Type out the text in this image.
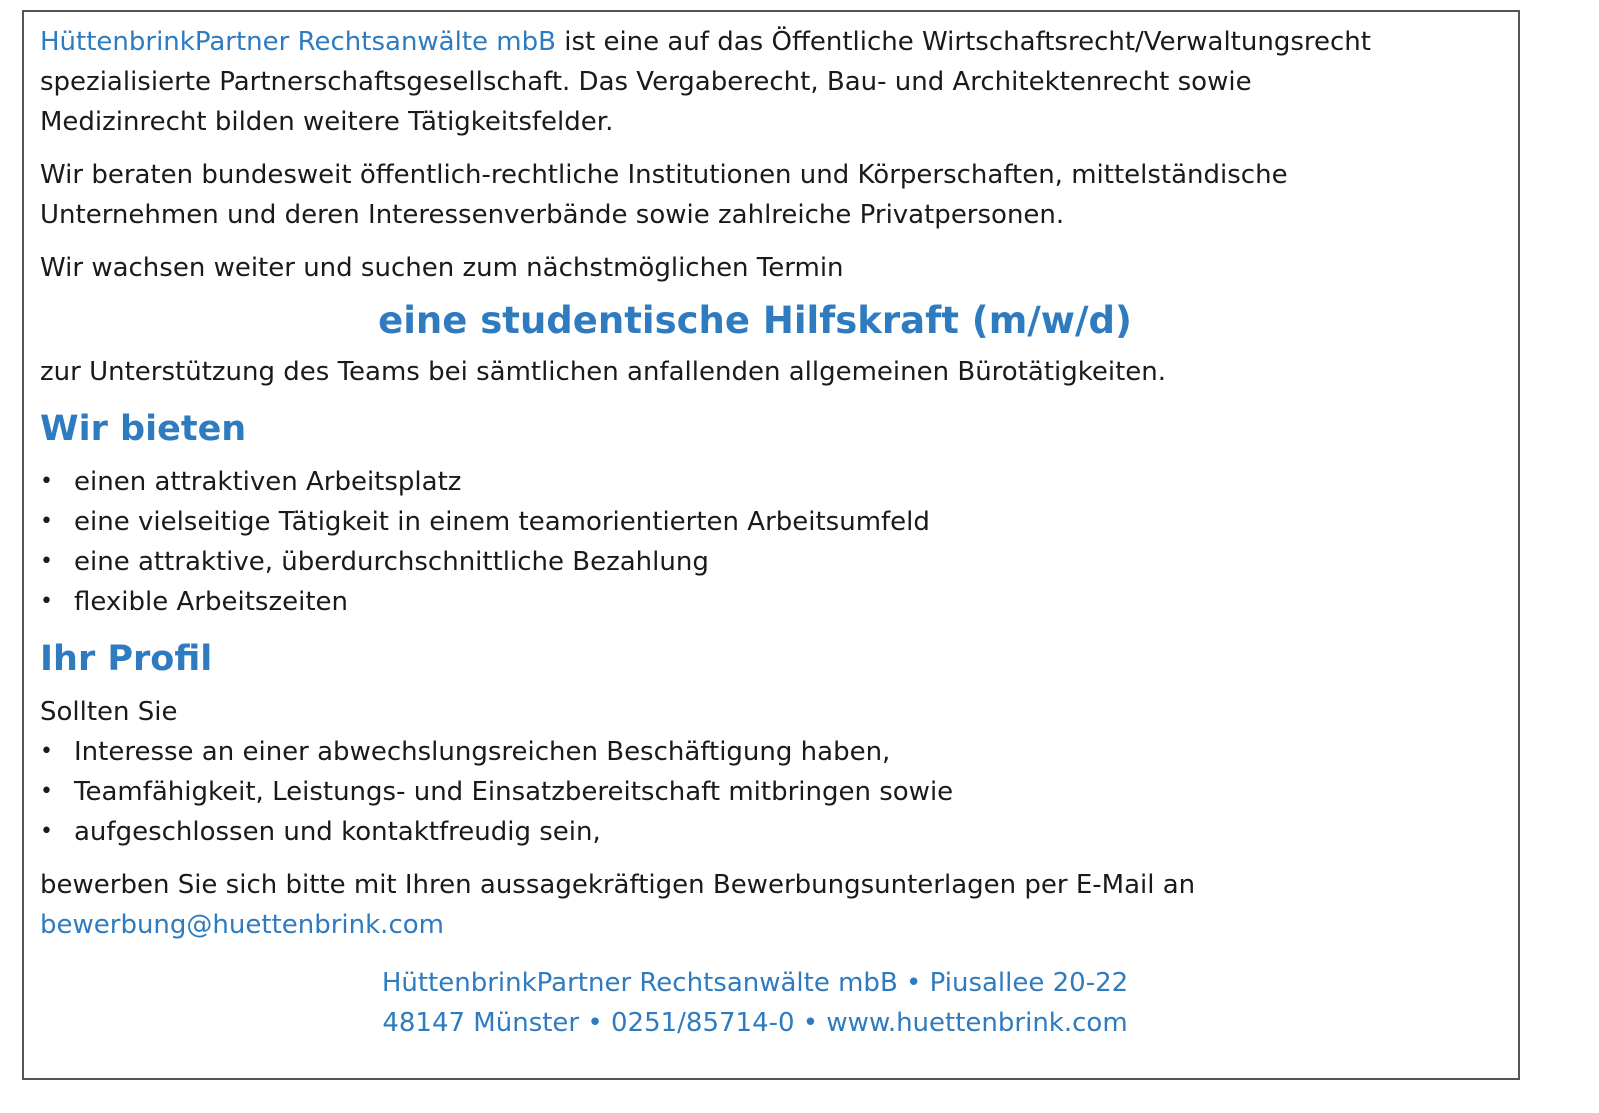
HüttenbrinkPartner Rechtsanwälte mbB ist eine auf das Öffentliche Wirtschaftsrecht/Verwaltungsrecht
spezialisierte Partnerschaftsgesellschaft. Das Vergaberecht, Bau- und Architektenrecht sowie
Medizinrecht bilden weitere Tätigkeitsfelder.

Wir beraten bundesweit öffentlich-rechtliche Institutionen und Körperschaften, mittelständische
Unternehmen und deren Interessenverbände sowie zahlreiche Privatpersonen.

Wir wachsen weiter und suchen zum nächstmöglichen Termin

eine studentische Hilfskraft (m/w/d)

zur Unterstützung des Teams bei sämtlichen anfallenden allgemeinen Bürotätigkeiten.

Wir bieten
• einen attraktiven Arbeitsplatz
• eine vielseitige Tätigkeit in einem teamorientierten Arbeitsumfeld
• eine attraktive, überdurchschnittliche Bezahlung
• flexible Arbeitszeiten
Ihr Profil

Sollten Sie

• Interesse an einer abwechslungsreichen Beschäftigung haben,
• Teamfähigkeit, Leistungs- und Einsatzbereitschaft mitbringen sowie
• aufgeschlossen und kontaktfreudig sein,

bewerben Sie sich bitte mit Ihren aussagekräftigen Bewerbungsunterlagen per E-Mail an
bewerbung@huettenbrink.com

HüttenbrinkPartner Rechtsanwälte mbB • Piusallee 20-22
48147 Münster • 0251/85714-0 • www.huettenbrink.com
